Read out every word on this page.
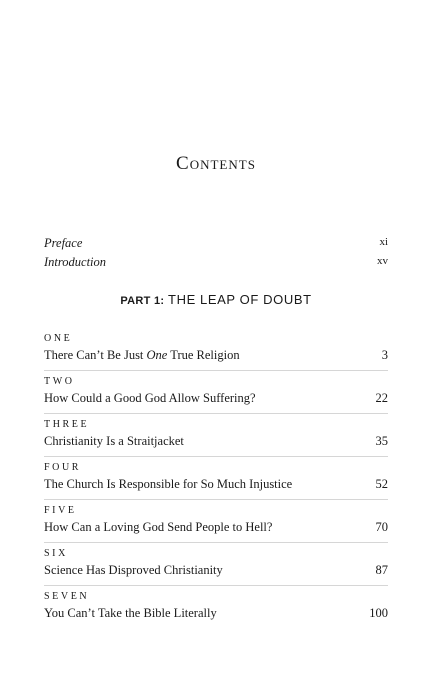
Contents
Preface	xi
Introduction	xv
PART 1: THE LEAP OF DOUBT
ONE
There Can’t Be Just One True Religion	3
TWO
How Could a Good God Allow Suffering?	22
THREE
Christianity Is a Straitjacket	35
FOUR
The Church Is Responsible for So Much Injustice	52
FIVE
How Can a Loving God Send People to Hell?	70
SIX
Science Has Disproved Christianity	87
SEVEN
You Can’t Take the Bible Literally	100
